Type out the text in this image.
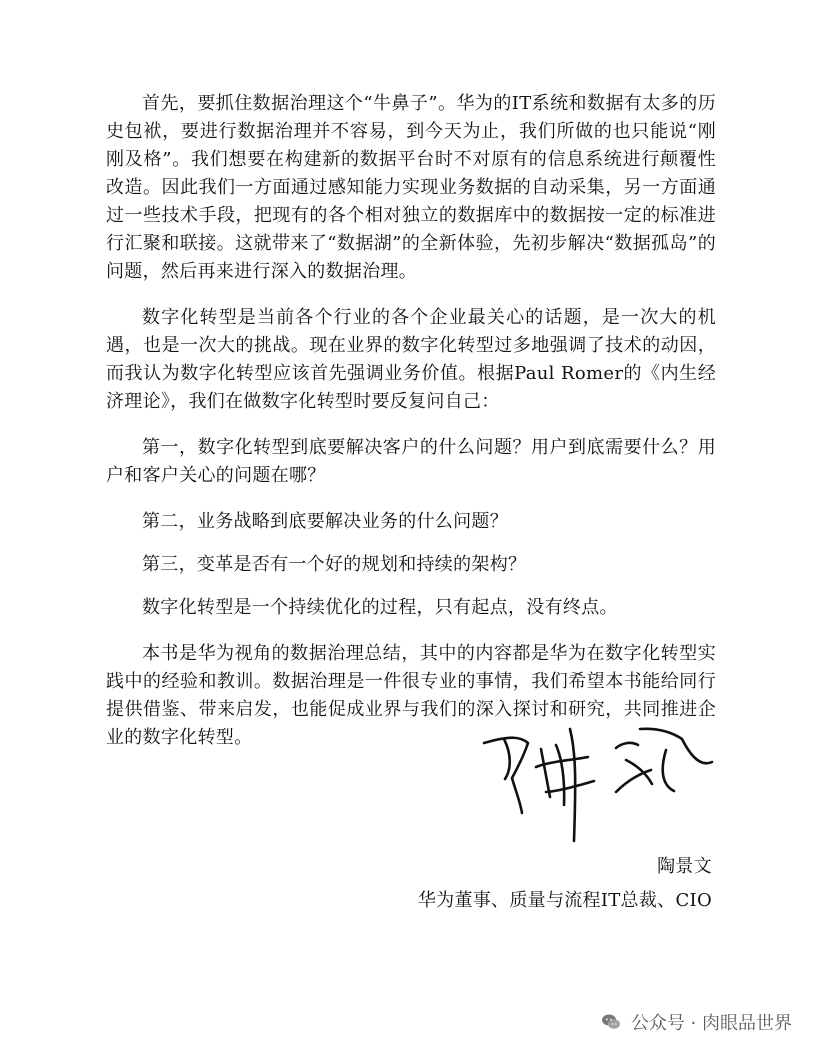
首先，要抓住数据治理这个“牛鼻子”。华为的IT系统和数据有太多的历史包袱，要进行数据治理并不容易，到今天为止，我们所做的也只能说“刚刚及格”。我们想要在构建新的数据平台时不对原有的信息系统进行颠覆性改造。因此我们一方面通过感知能力实现业务数据的自动采集，另一方面通过一些技术手段，把现有的各个相对独立的数据库中的数据按一定的标准进行汇聚和联接。这就带来了“数据湖”的全新体验，先初步解决“数据孤岛”的问题，然后再来进行深入的数据治理。

数字化转型是当前各个行业的各个企业最关心的话题，是一次大的机遇，也是一次大的挑战。现在业界的数字化转型过多地强调了技术的动因，而我认为数字化转型应该首先强调业务价值。根据Paul Romer的《内生经济理论》，我们在做数字化转型时要反复问自己：

第一，数字化转型到底要解决客户的什么问题？用户到底需要什么？用户和客户关心的问题在哪？

第二，业务战略到底要解决业务的什么问题？

第三，变革是否有一个好的规划和持续的架构？

数字化转型是一个持续优化的过程，只有起点，没有终点。

本书是华为视角的数据治理总结，其中的内容都是华为在数字化转型实践中的经验和教训。数据治理是一件很专业的事情，我们希望本书能给同行提供借鉴、带来启发，也能促成业界与我们的深入探讨和研究，共同推进企业的数字化转型。

陶景文
华为董事、质量与流程IT总裁、CIO
公众号 · 肉眼品世界
